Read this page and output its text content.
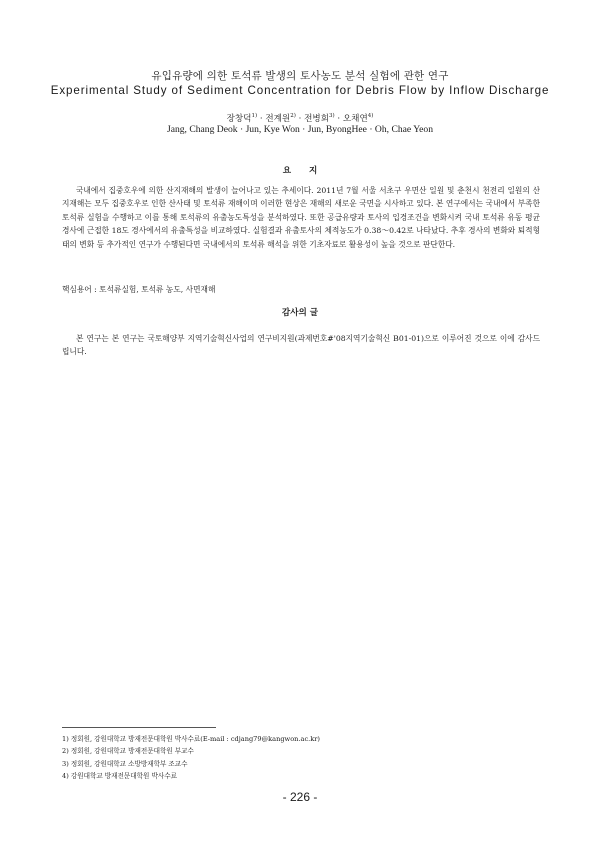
유입유량에 의한 토석류 발생의 토사농도 분석 실험에 관한 연구
Experimental Study of Sediment Concentration for Debris Flow by Inflow Discharge
장창덕$^{1)}$ · 전계원$^{2)}$ · 전병회$^{3)}$ · 오채연$^{4)}$
Jang, Chang Deok · Jun, Kye Won · Jun, ByongHee · Oh, Chae Yeon
요지

국내에서 집중호우에 의한 산지재해의 발생이 늘어나고 있는 추세이다. 2011년 7월 서울 서초구 우면산 일원 및 춘천시 천전리 일원의 산지재해는 모두 집중호우로 인한 산사태 및 토석류 재해이며 이러한 현상은 재해의 새로운 국면을 시사하고 있다. 본 연구에서는 국내에서 부족한 토석류 실험을 수행하고 이를 통해 토석류의 유출농도특성을 분석하였다. 또한 공급유량과 토사의 입경조건을 변화시켜 국내 토석류 유동 평균경사에 근접한 18도 경사에서의 유출특성을 비교하였다. 실험결과 유출토사의 체적농도가 0.38～0.42로 나타났다. 추후 경사의 변화와 퇴적형태의 변화 등 추가적인 연구가 수행된다면 국내에서의 토석류 해석을 위한 기초자료로 활용성이 높을 것으로 판단한다.

핵심용어 : 토석류실험, 토석류 농도, 사면재해
감사의 글

본 연구는 본 연구는 국토해양부 지역기술혁신사업의 연구비지원(과제번호#'08지역기술혁신 B01-01)으로 이루어진 것으로 이에 감사드립니다.

1) 정회원, 강원대학교 방재전문대학원 박사수료(E-mail : cdjang79@kangwon.ac.kr)
2) 정회원, 강원대학교 방재전문대학원 부교수
3) 정회원, 강원대학교 소방방재학부 조교수
4) 강원대학교 방재전문대학원 박사수료
- 226 -
